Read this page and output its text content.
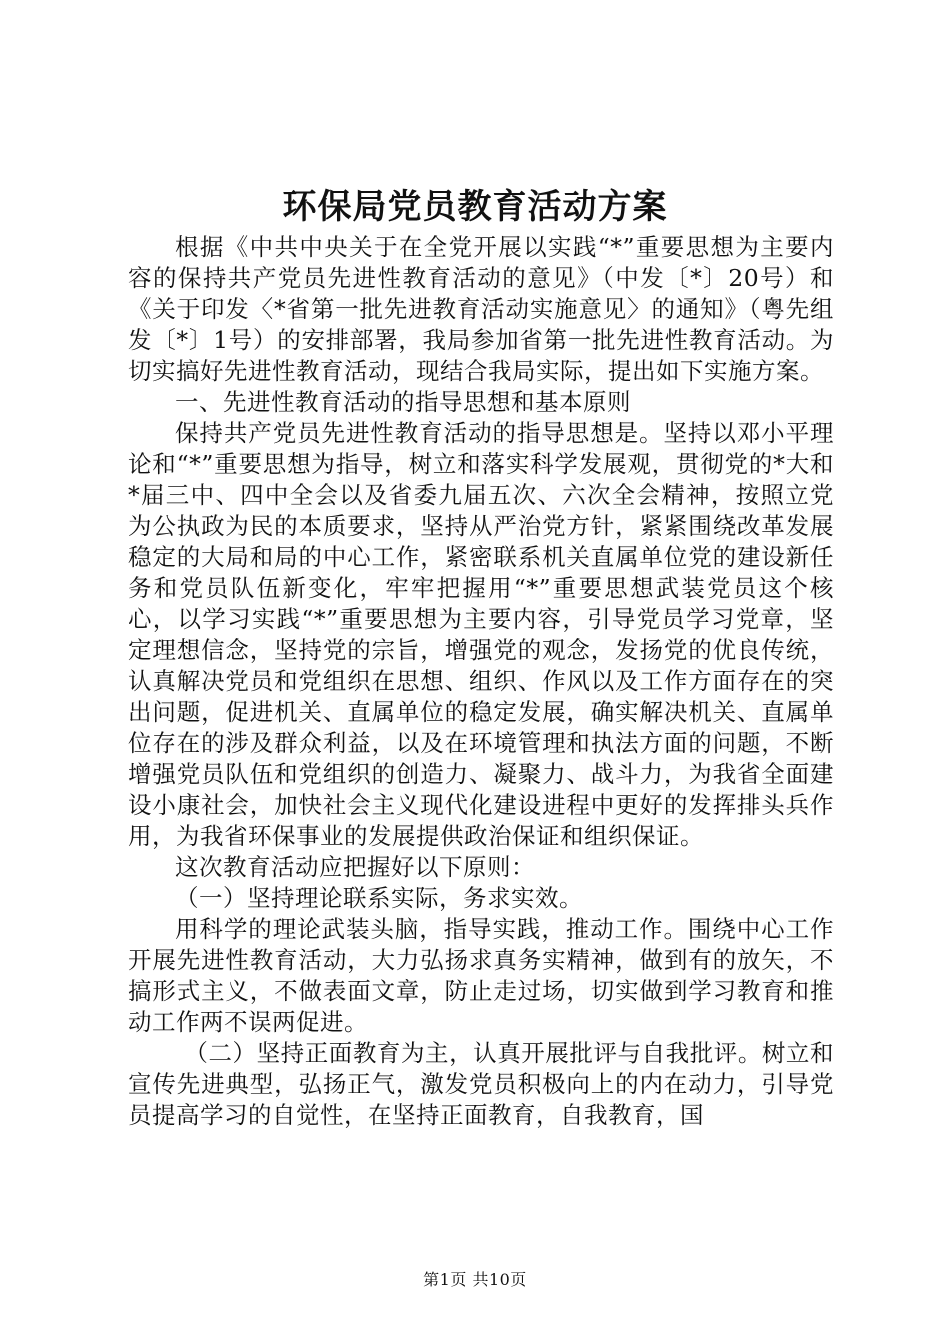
环保局党员教育活动方案

根据《中共中央关于在全党开展以实践“*”重要思想为主要内容的保持共产党员先进性教育活动的意见》（中发〔*〕20号）和《关于印发〈*省第一批先进教育活动实施意见〉的通知》（粤先组发〔*〕1号）的安排部署，我局参加省第一批先进性教育活动。为切实搞好先进性教育活动，现结合我局实际，提出如下实施方案。

一、先进性教育活动的指导思想和基本原则

保持共产党员先进性教育活动的指导思想是。坚持以邓小平理论和“*”重要思想为指导，树立和落实科学发展观，贯彻党的*大和*届三中、四中全会以及省委九届五次、六次全会精神，按照立党为公执政为民的本质要求，坚持从严治党方针，紧紧围绕改革发展稳定的大局和局的中心工作，紧密联系机关直属单位党的建设新任务和党员队伍新变化，牢牢把握用“*”重要思想武装党员这个核心，以学习实践“*”重要思想为主要内容，引导党员学习党章，坚定理想信念，坚持党的宗旨，增强党的观念，发扬党的优良传统，认真解决党员和党组织在思想、组织、作风以及工作方面存在的突出问题，促进机关、直属单位的稳定发展，确实解决机关、直属单位存在的涉及群众利益，以及在环境管理和执法方面的问题，不断增强党员队伍和党组织的创造力、凝聚力、战斗力，为我省全面建设小康社会，加快社会主义现代化建设进程中更好的发挥排头兵作用，为我省环保事业的发展提供政治保证和组织保证。

这次教育活动应把握好以下原则：

（一）坚持理论联系实际，务求实效。

用科学的理论武装头脑，指导实践，推动工作。围绕中心工作开展先进性教育活动，大力弘扬求真务实精神，做到有的放矢，不搞形式主义，不做表面文章，防止走过场，切实做到学习教育和推动工作两不误两促进。

（二）坚持正面教育为主，认真开展批评与自我批评。树立和宣传先进典型，弘扬正气，激发党员积极向上的内在动力，引导党员提高学习的自觉性，在坚持正面教育，自我教育，国

第1页 共10页
